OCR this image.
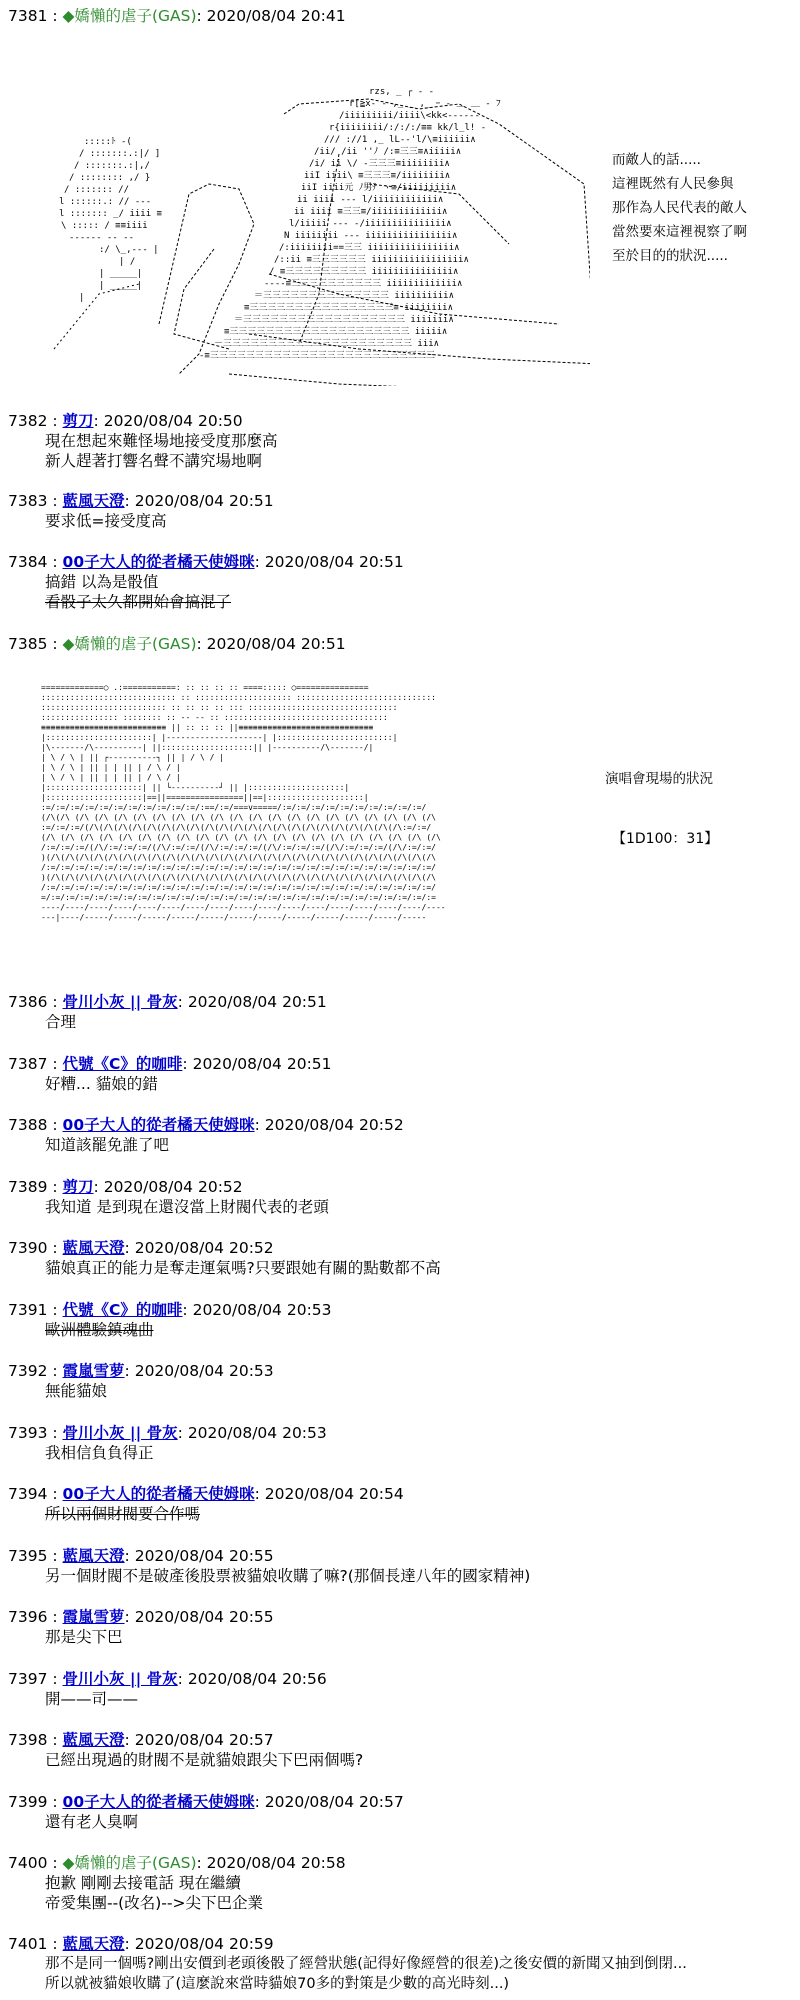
7381 : ◆嬌懶的虐子(GAS): 2020/08/04 20:41

rzs, _ ┌ ‐ ‐
r[≧x‐ ‐ ,_ _ ,_ ｰ ‐ ＿ ＿ ‐ ﾌ
/iiiiiiiii/iiii\<kk<‐‐‐‐‐‐
r{iiiiiiii/:/:/:/≡≡ kk/l_l! ‐
/// ://1 ,_ lL‐‐'l/\≡iiiiii∧
/ii/ /ii ''ﾉ /:≡三三≡∧iiiii∧
/i/ ii \/ ‐三三三≡iiiiiiii∧
iiI iiii\ ≡三三三≡/iiiiiiii∧
iiI iiii元 ﾉ男ﾃ ヽ≡/iiiiiiiii∧
ii iiii ‐‐‐ l/iiiiiiiiiiii∧
ii iiii ≡三三≡/iiiiiiiiiiiii∧
l/iiiii ‐‐‐ ‐/iiiiiiiiiiiiiii∧
N iiiiiiii ‐‐‐ iiiiiiiiiiiiiiii∧
/:iiiiiiii==三三 iiiiiiiiiiiiiiii∧
/::ii ≡三三三三三三 iiiiiiiiiiiiiiiii∧
/ ≡三三三三三三三三三 iiiiiiiiiiiiiii∧
‐‐‐‐≡三三三三三三三三三三 iiiiiiiiiiiii∧
＝三三三三三三三三三三三三三三 iiiiiiiiii∧
≡三三三三三三三三三三三三三三三三≡ iiiiiiii∧
＝三三三三三三三三三三三三三三三三三三 iiiiiii∧
≡三三三三三三三三三三三三三三三三三三三三 iiiii∧
－三三三三三三三三三三三三三三三三三三三三三 iii∧
‐≡三三三三三三三三三三三三三三三三三三三三三三三三三
:::::ﾄ ‐(
/ :::::::.:|/ ]
/ :::::::.:|,/
/ :::::::: ,/ }
/ ::::::: //
l ::::::.: // ‐‐‐
l ::::::: _/ iiii ≡
\ ::::: / ≡≡iiii
‐‐‐‐‐‐ ‐‐ ‐‐
:/ \_,‐‐‐ |
| /
| _____|
| _____|
|

而敵人的話.....
這裡既然有人民參與
那作為人民代表的敵人
當然要來這裡視察了啊
至於目的的狀況.....
7382 : 剪刀: 2020/08/04 20:50
現在想起來難怪場地接受度那麼高
新人趕著打響名聲不講究場地啊
7383 : 藍風天澄: 2020/08/04 20:51
要求低=接受度高
7384 : 00子大人的從者橘天使姆咪: 2020/08/04 20:51
搞錯 以為是骰值
看骰子太久都開始會搞混了
7385 : ◆嬌懶的虐子(GAS): 2020/08/04 20:51

=============○ .:===========: :: :: :: :: ====::::: ○===============
:::::::::::::::::::::::::::: :: :::::::::::::::::::: :::::::::::::::::::::::::::::
:::::::::::::::::::::::::: :: :: :: :: ::: :::::::::::::::::::::::::::::::
:::::::::::::::: :::::::: :: ‐‐ ‐‐ :: ::::::::::::::::::::::::::::::::::
≡≡≡≡≡≡≡≡≡≡≡≡≡≡≡≡≡≡≡≡≡≡≡≡≡≡ || :: :: :: ||≡≡≡≡≡≡≡≡≡≡≡≡≡≡≡≡≡≡≡≡≡≡≡≡≡≡≡≡
|::::::::::::::::::::::| |‐‐‐‐‐‐‐‐‐‐‐‐‐‐‐‐‐‐‐‐| |::::::::::::::::::::::::|
|\‐‐‐‐‐‐‐/\‐‐‐‐‐‐‐‐‐‐| ||:::::::::::::::::::|| |‐‐‐‐‐‐‐‐‐‐/\‐‐‐‐‐‐‐/|
| \ / \ | || ┌‐‐‐‐‐‐‐‐‐‐┐ || | / \ / |
| \ / \ | || | | || | / \ / |
| \ / \ | || | | || | / \ / |
|::::::::::::::::::::| || └‐‐‐‐‐‐‐‐‐‐┘ || |::::::::::::::::::::|
|::::::::::::::::::::|==||================||==|::::::::::::::::::::|
:=/:=/:=/:=/:=/:=/:=/:=/:=/:=/:=/:==/:=/===v=====/:=/:=/:=/:=/:=/:=/:=/:=/:=/:=/
(/\(/\ (/\ (/\ (/\ (/\ (/\ (/\ (/\ (/\ (/\ (/\ (/\ (/\ (/\ (/\ (/\ (/\ (/\ (/\ (/\
:=/:=/:=/(/\(/\(/\(/\(/\(/\(/\(/\(/\(/\(/\(/\(/\(/\(/\(/\(/\(/\(/\(/\(/\(/\:=/:=/
(/\ (/\ (/\ (/\ (/\ (/\ (/\ (/\ (/\ (/\ (/\ (/\ (/\ (/\ (/\ (/\ (/\ (/\ (/\ (/\ (/\
/:=/:=/:=/(/\/:=/:=/:=/(/\/:=/:=/(/\/:=/:=/:=/(/\/:=/:=/:=/(/\/:=/:=/:=/(/\/:=/:=/
)(/\(/\(/\(/\(/\(/\(/\(/\(/\(/\(/\(/\(/\(/\(/\(/\(/\(/\(/\(/\(/\(/\(/\(/\(/\(/\(/\
/:=/:=/:=/:=/:=/:=/:=/:=/:=/:=/:=/:=/:=/:=/:=/:=/:=/:=/:=/:=/:=/:=/:=/:=/:=/:=/:=/
)(/\(/\(/\(/\(/\(/\(/\(/\(/\(/\(/\(/\(/\(/\(/\(/\(/\(/\(/\(/\(/\(/\(/\(/\(/\(/\(/\
/:=/:=/:=/:=/:=/:=/:=/:=/:=/:=/:=/:=/:=/:=/:=/:=/:=/:=/:=/:=/:=/:=/:=/:=/:=/:=/:=/
=/:=/:=/:=/:=/:=/:=/:=/:=/:=/:=/:=/:=/:=/:=/:=/:=/:=/:=/:=/:=/:=/:=/:=/:=/:=/:=/:=
‐‐‐‐/‐‐‐‐/‐‐‐‐/‐‐‐‐/‐‐‐‐/‐‐‐‐/‐‐‐‐/‐‐‐‐/‐‐‐‐/‐‐‐‐/‐‐‐‐/‐‐‐‐/‐‐‐‐/‐‐‐‐/‐‐‐‐/‐‐‐‐/‐‐‐‐
‐‐‐|‐‐‐‐/‐‐‐‐‐/‐‐‐‐‐/‐‐‐‐‐/‐‐‐‐‐/‐‐‐‐‐/‐‐‐‐‐/‐‐‐‐‐/‐‐‐‐‐/‐‐‐‐‐/‐‐‐‐‐/‐‐‐‐‐/‐‐‐‐‐

演唱會現場的狀況
【1D100：31】
7386 : 骨川小灰 || 骨灰: 2020/08/04 20:51
合理
7387 : 代號《C》的咖啡: 2020/08/04 20:51
好糟... 貓娘的錯
7388 : 00子大人的從者橘天使姆咪: 2020/08/04 20:52
知道該罷免誰了吧
7389 : 剪刀: 2020/08/04 20:52
我知道 是到現在還沒當上財閥代表的老頭
7390 : 藍風天澄: 2020/08/04 20:52
貓娘真正的能力是奪走運氣嗎?只要跟她有關的點數都不高
7391 : 代號《C》的咖啡: 2020/08/04 20:53
歐洲體驗鎮魂曲
7392 : 霞嵐雪萝: 2020/08/04 20:53
無能貓娘
7393 : 骨川小灰 || 骨灰: 2020/08/04 20:53
我相信負負得正
7394 : 00子大人的從者橘天使姆咪: 2020/08/04 20:54
所以兩個財閥要合作嗎
7395 : 藍風天澄: 2020/08/04 20:55
另一個財閥不是破產後股票被貓娘收購了嘛?(那個長達八年的國家精神)
7396 : 霞嵐雪萝: 2020/08/04 20:55
那是尖下巴
7397 : 骨川小灰 || 骨灰: 2020/08/04 20:56
開——司——
7398 : 藍風天澄: 2020/08/04 20:57
已經出現過的財閥不是就貓娘跟尖下巴兩個嗎?
7399 : 00子大人的從者橘天使姆咪: 2020/08/04 20:57
還有老人臭啊
7400 : ◆嬌懶的虐子(GAS): 2020/08/04 20:58
抱歉 剛剛去接電話 現在繼續
帝愛集團--(改名)-->尖下巴企業
7401 : 藍風天澄: 2020/08/04 20:59
那不是同一個嗎?剛出安價到老頭後骰了經營狀態(記得好像經營的很差)之後安價的新聞又抽到倒閉...
所以就被貓娘收購了(這麼說來當時貓娘70多的對策是少數的高光時刻...)
